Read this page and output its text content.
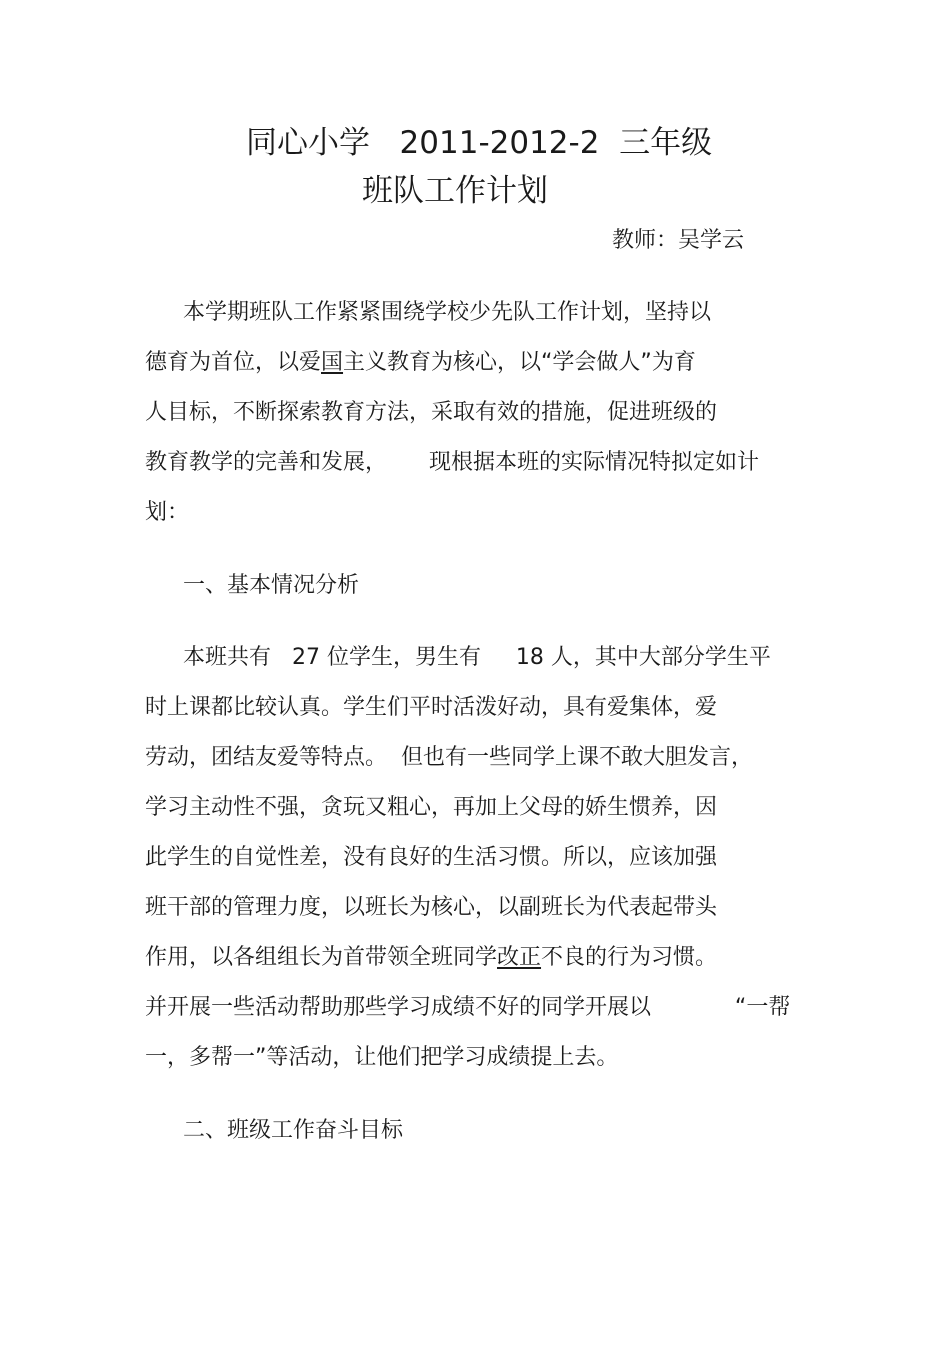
同心小学   2011-2012-2  三年级
班队工作计划
教师：吴学云
本学期班队工作紧紧围绕学校少先队工作计划，坚持以
德育为首位，以爱国主义教育为核心，以“学会做人”为育
人目标，不断探索教育方法，采取有效的措施，促进班级的
教育教学的完善和发展，      现根据本班的实际情况特拟定如计
划：
一、基本情况分析
本班共有   27 位学生，男生有     18 人，其中大部分学生平
时上课都比较认真。学生们平时活泼好动，具有爱集体，爱
劳动，团结友爱等特点。  但也有一些同学上课不敢大胆发言，
学习主动性不强，贪玩又粗心，再加上父母的娇生惯养，因
此学生的自觉性差，没有良好的生活习惯。所以，应该加强
班干部的管理力度，以班长为核心，以副班长为代表起带头
作用，以各组组长为首带领全班同学改正不良的行为习惯。
并开展一些活动帮助那些学习成绩不好的同学开展以            “一帮
一，多帮一”等活动，让他们把学习成绩提上去。
二、班级工作奋斗目标
